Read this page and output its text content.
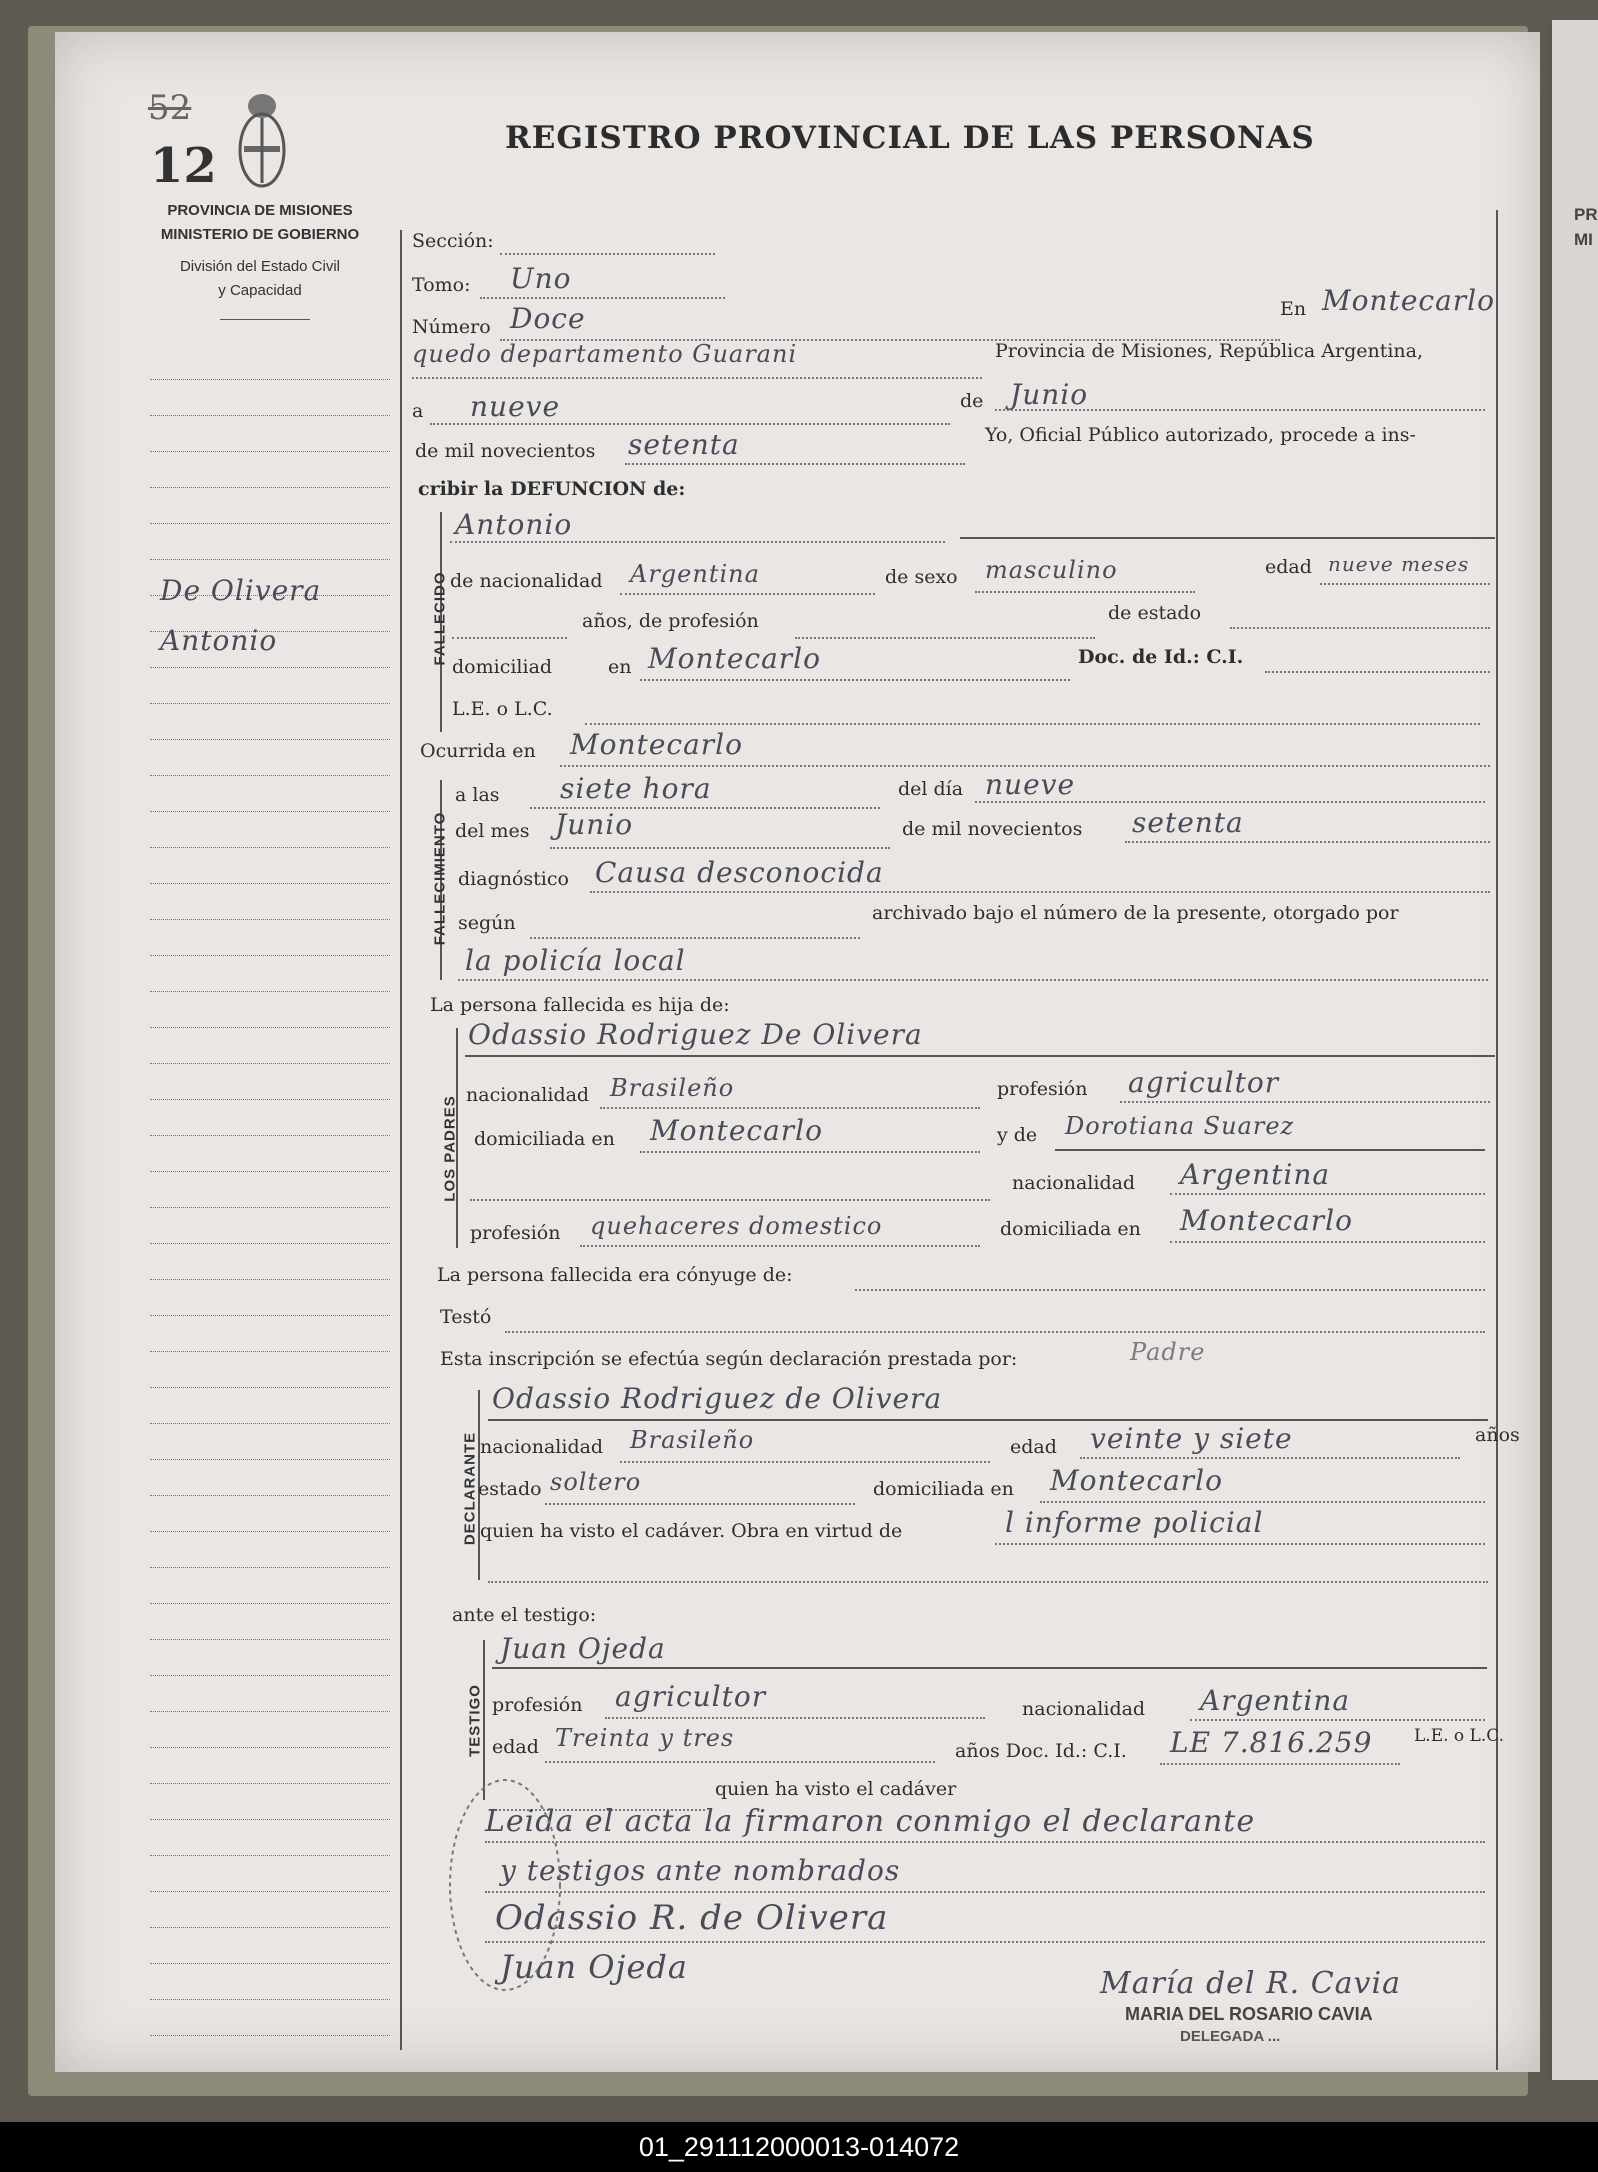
PR
MI
52
12
PROVINCIA DE MISIONES
MINISTERIO DE GOBIERNO
División del Estado Civil
y Capacidad
REGISTRO PROVINCIAL DE LAS PERSONAS
De Olivera
Antonio
Sección:
Tomo: Uno
Número Doce	En Montecarlo
quedo departamento Guarani	Provincia de Misiones, República Argentina,
a nueve	de Junio
de mil novecientos setenta	Yo, Oficial Público autorizado, procede a ins-
cribir la DEFUNCION de:
FALLECIDO
Antonio
de nacionalidad Argentina	de sexo masculino	edad nueve meses
años, de profesión	de estado
domiciliad	en Montecarlo	Doc. de Id.: C.I.
L.E. o L.C.
Ocurrida en Montecarlo
FALLECIMIENTO
a las siete hora	del día nueve
del mes Junio	de mil novecientos setenta
diagnóstico Causa desconocida
según	archivado bajo el número de la presente, otorgado por
la policía local
La persona fallecida es hija de:
LOS PADRES
Odassio Rodriguez De Olivera
nacionalidad Brasileño	profesión agricultor
domiciliada en Montecarlo	y de Dorotiana Suarez
nacionalidad Argentina
profesión quehaceres domestico	domiciliada en Montecarlo
La persona fallecida era cónyuge de:
Testó
Esta inscripción se efectúa según declaración prestada por:	Padre
DECLARANTE
Odassio Rodriguez de Olivera
nacionalidad Brasileño	edad veinte y siete	años
estado soltero	domiciliada en Montecarlo
quien ha visto el cadáver. Obra en virtud de	l informe policial
ante el testigo:
TESTIGO
Juan Ojeda
profesión agricultor	nacionalidad Argentina
edad Treinta y tres	años Doc. Id.: C.I. LE 7.816.259 L.E. o L.C.
quien ha visto el cadáver
Leida el acta la firmaron conmigo el declarante
y testigos ante nombrados
Odassio R. de Olivera
Juan Ojeda	María del R. Cavia
MARIA DEL ROSARIO CAVIA
DELEGADA ...
01_291112000013-014072
